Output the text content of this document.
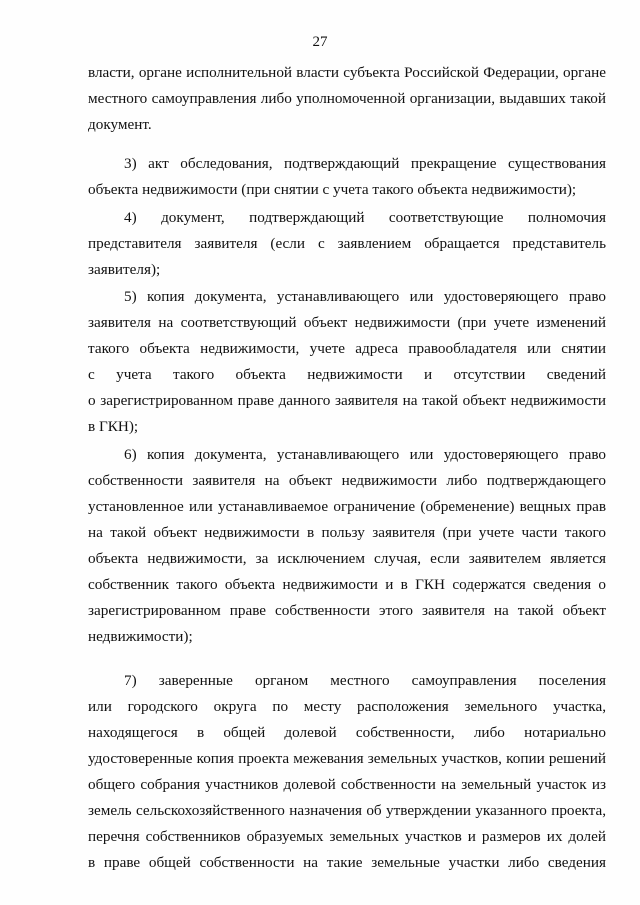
27
власти, органе исполнительной власти субъекта Российской Федерации, органе
местного самоуправления либо уполномоченной организации, выдавших такой
документ.
3) акт обследования, подтверждающий прекращение существования
объекта недвижимости (при снятии с учета такого объекта недвижимости);
4) документ, подтверждающий соответствующие полномочия
представителя заявителя (если с заявлением обращается представитель
заявителя);
5) копия документа, устанавливающего или удостоверяющего право
заявителя на соответствующий объект недвижимости (при учете изменений
такого объекта недвижимости, учете адреса правообладателя или снятии
с учета такого объекта недвижимости и отсутствии сведений
о зарегистрированном праве данного заявителя на такой объект недвижимости
в ГКН);
6) копия документа, устанавливающего или удостоверяющего право
собственности заявителя на объект недвижимости либо подтверждающего
установленное или устанавливаемое ограничение (обременение) вещных прав
на такой объект недвижимости в пользу заявителя (при учете части такого
объекта недвижимости, за исключением случая, если заявителем является
собственник такого объекта недвижимости и в ГКН содержатся сведения о
зарегистрированном праве собственности этого заявителя на такой объект
недвижимости);
7) заверенные органом местного самоуправления поселения
или городского округа по месту расположения земельного участка,
находящегося в общей долевой собственности, либо нотариально
удостоверенные копия проекта межевания земельных участков, копии решений
общего собрания участников долевой собственности на земельный участок из
земель сельскохозяйственного назначения об утверждении указанного проекта,
перечня собственников образуемых земельных участков и размеров их долей
в праве общей собственности на такие земельные участки либо сведения
